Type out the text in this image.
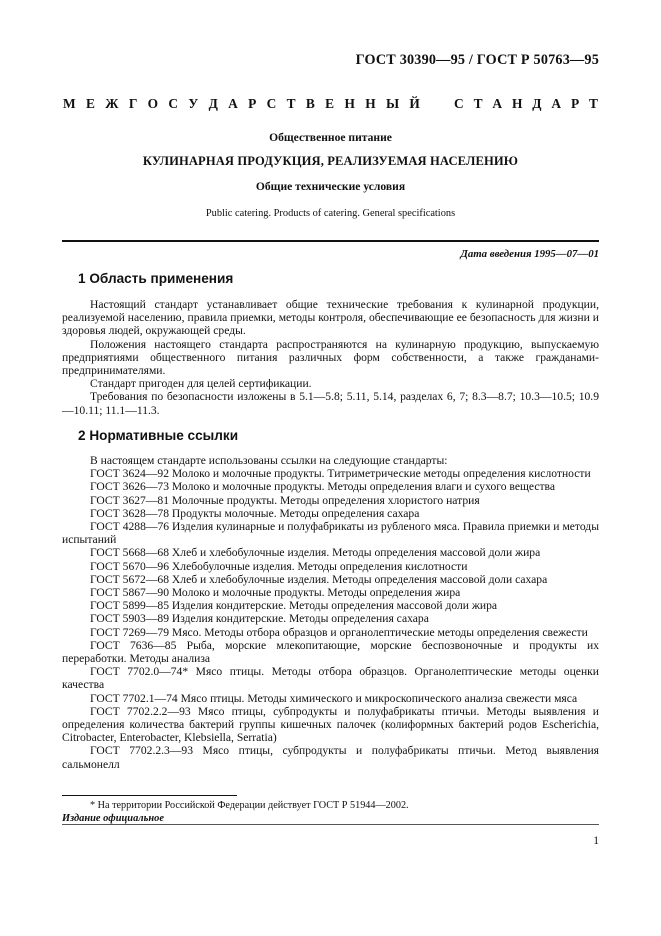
ГОСТ 30390—95 / ГОСТ Р 50763—95
М Е Ж Г О С У Д А Р С Т В Е Н Н Ы Й	С Т А Н Д А Р Т
Общественное питание
КУЛИНАРНАЯ ПРОДУКЦИЯ, РЕАЛИЗУЕМАЯ НАСЕЛЕНИЮ
Общие технические условия
Public catering. Products of catering. General specifications
Дата введения 1995—07—01
1 Область применения

Настоящий стандарт устанавливает общие технические требования к кулинарной продукции, реализуемой населению, правила приемки, методы контроля, обеспечивающие ее безопасность для жизни и здоровья людей, окружающей среды.

Положения настоящего стандарта распространяются на кулинарную продукцию, выпускаемую предприятиями общественного питания различных форм собственности, а также гражданами-предпринимателями.

Стандарт пригоден для целей сертификации.

Требования по безопасности изложены в 5.1—5.8; 5.11, 5.14, разделах 6, 7; 8.3—8.7; 10.3—10.5; 10.9—10.11; 11.1—11.3.

2 Нормативные ссылки

В настоящем стандарте использованы ссылки на следующие стандарты:

ГОСТ 3624—92 Молоко и молочные продукты. Титриметрические методы определения кислотности

ГОСТ 3626—73 Молоко и молочные продукты. Методы определения влаги и сухого вещества

ГОСТ 3627—81 Молочные продукты. Методы определения хлористого натрия

ГОСТ 3628—78 Продукты молочные. Методы определения сахара

ГОСТ 4288—76 Изделия кулинарные и полуфабрикаты из рубленого мяса. Правила приемки и методы испытаний

ГОСТ 5668—68 Хлеб и хлебобулочные изделия. Методы определения массовой доли жира

ГОСТ 5670—96 Хлебобулочные изделия. Методы определения кислотности

ГОСТ 5672—68 Хлеб и хлебобулочные изделия. Методы определения массовой доли сахара

ГОСТ 5867—90 Молоко и молочные продукты. Методы определения жира

ГОСТ 5899—85 Изделия кондитерские. Методы определения массовой доли жира

ГОСТ 5903—89 Изделия кондитерские. Методы определения сахара

ГОСТ 7269—79 Мясо. Методы отбора образцов и органолептические методы определения свежести

ГОСТ 7636—85 Рыба, морские млекопитающие, морские беспозвоночные и продукты их переработки. Методы анализа

ГОСТ 7702.0—74* Мясо птицы. Методы отбора образцов. Органолептические методы оценки качества

ГОСТ 7702.1—74 Мясо птицы. Методы химического и микроскопического анализа свежести мяса

ГОСТ 7702.2.2—93 Мясо птицы, субпродукты и полуфабрикаты птичьи. Методы выявления и определения количества бактерий группы кишечных палочек (колиформных бактерий родов Escherichia, Citrobacter, Enterobacter, Klebsiella, Serratia)

ГОСТ 7702.2.3—93 Мясо птицы, субпродукты и полуфабрикаты птичьи. Метод выявления сальмонелл

* На территории Российской Федерации действует ГОСТ Р 51944—2002.
Издание официальное
1
